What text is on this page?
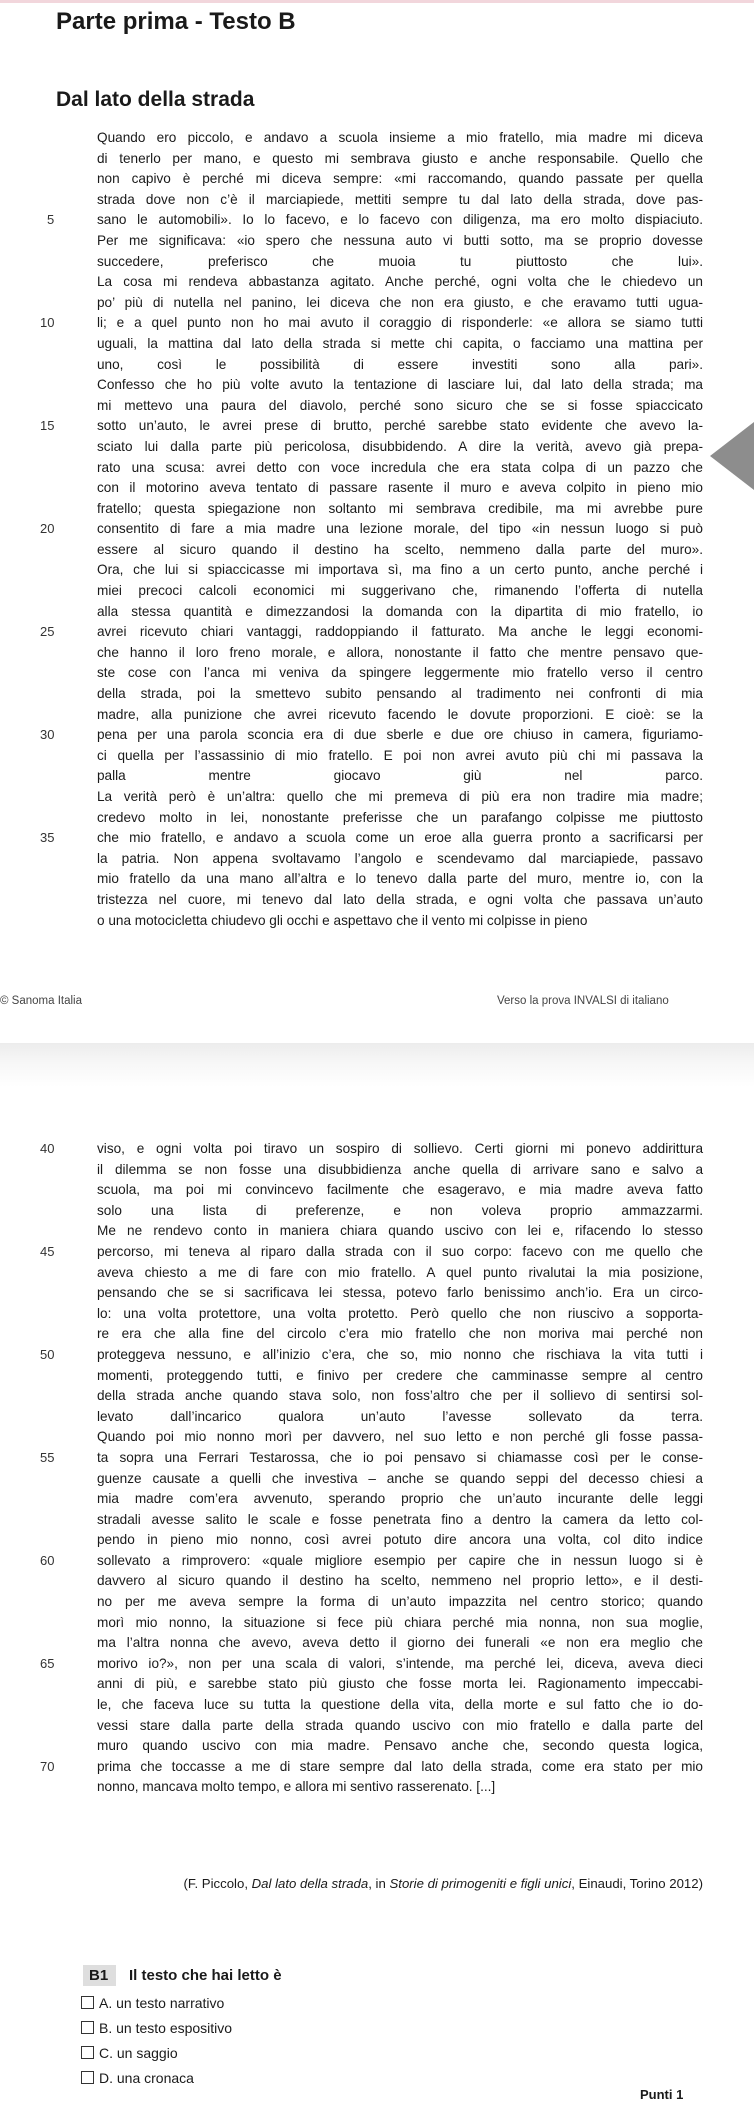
Parte prima - Testo B
Dal lato della strada
Quando ero piccolo, e andavo a scuola insieme a mio fratello, mia madre mi diceva
di tenerlo per mano, e questo mi sembrava giusto e anche responsabile. Quello che
non capivo è perché mi diceva sempre: «mi raccomando, quando passate per quella
strada dove non c’è il marciapiede, mettiti sempre tu dal lato della strada, dove pas-
5	sano le automobili». Io lo facevo, e lo facevo con diligenza, ma ero molto dispiaciuto.
Per me significava: «io spero che nessuna auto vi butti sotto, ma se proprio dovesse
succedere, preferisco che muoia tu piuttosto che lui».
La cosa mi rendeva abbastanza agitato. Anche perché, ogni volta che le chiedevo un
po’ più di nutella nel panino, lei diceva che non era giusto, e che eravamo tutti ugua-
10	li; e a quel punto non ho mai avuto il coraggio di risponderle: «e allora se siamo tutti
uguali, la mattina dal lato della strada si mette chi capita, o facciamo una mattina per
uno, così le possibilità di essere investiti sono alla pari».
Confesso che ho più volte avuto la tentazione di lasciare lui, dal lato della strada; ma
mi mettevo una paura del diavolo, perché sono sicuro che se si fosse spiaccicato
15	sotto un’auto, le avrei prese di brutto, perché sarebbe stato evidente che avevo la-
sciato lui dalla parte più pericolosa, disubbidendo. A dire la verità, avevo già prepa-
rato una scusa: avrei detto con voce incredula che era stata colpa di un pazzo che
con il motorino aveva tentato di passare rasente il muro e aveva colpito in pieno mio
fratello; questa spiegazione non soltanto mi sembrava credibile, ma mi avrebbe pure
20	consentito di fare a mia madre una lezione morale, del tipo «in nessun luogo si può
essere al sicuro quando il destino ha scelto, nemmeno dalla parte del muro».
Ora, che lui si spiaccicasse mi importava sì, ma fino a un certo punto, anche perché i
miei precoci calcoli economici mi suggerivano che, rimanendo l’offerta di nutella
alla stessa quantità e dimezzandosi la domanda con la dipartita di mio fratello, io
25	avrei ricevuto chiari vantaggi, raddoppiando il fatturato. Ma anche le leggi economi-
che hanno il loro freno morale, e allora, nonostante il fatto che mentre pensavo que-
ste cose con l’anca mi veniva da spingere leggermente mio fratello verso il centro
della strada, poi la smettevo subito pensando al tradimento nei confronti di mia
madre, alla punizione che avrei ricevuto facendo le dovute proporzioni. E cioè: se la
30	pena per una parola sconcia era di due sberle e due ore chiuso in camera, figuriamo-
ci quella per l’assassinio di mio fratello. E poi non avrei avuto più chi mi passava la
palla mentre giocavo giù nel parco.
La verità però è un’altra: quello che mi premeva di più era non tradire mia madre;
credevo molto in lei, nonostante preferisse che un parafango colpisse me piuttosto
35	che mio fratello, e andavo a scuola come un eroe alla guerra pronto a sacrificarsi per
la patria. Non appena svoltavamo l’angolo e scendevamo dal marciapiede, passavo
mio fratello da una mano all’altra e lo tenevo dalla parte del muro, mentre io, con la
tristezza nel cuore, mi tenevo dal lato della strada, e ogni volta che passava un’auto
o una motocicletta chiudevo gli occhi e aspettavo che il vento mi colpisse in pieno
© Sanoma Italia	Verso la prova INVALSI di italiano
40	viso, e ogni volta poi tiravo un sospiro di sollievo. Certi giorni mi ponevo addirittura
il dilemma se non fosse una disubbidienza anche quella di arrivare sano e salvo a
scuola, ma poi mi convincevo facilmente che esageravo, e mia madre aveva fatto
solo una lista di preferenze, e non voleva proprio ammazzarmi.
Me ne rendevo conto in maniera chiara quando uscivo con lei e, rifacendo lo stesso
45	percorso, mi teneva al riparo dalla strada con il suo corpo: facevo con me quello che
aveva chiesto a me di fare con mio fratello. A quel punto rivalutai la mia posizione,
pensando che se si sacrificava lei stessa, potevo farlo benissimo anch’io. Era un circo-
lo: una volta protettore, una volta protetto. Però quello che non riuscivo a sopporta-
re era che alla fine del circolo c’era mio fratello che non moriva mai perché non
50	proteggeva nessuno, e all’inizio c’era, che so, mio nonno che rischiava la vita tutti i
momenti, proteggendo tutti, e finivo per credere che camminasse sempre al centro
della strada anche quando stava solo, non foss’altro che per il sollievo di sentirsi sol-
levato dall’incarico qualora un’auto l’avesse sollevato da terra.
Quando poi mio nonno morì per davvero, nel suo letto e non perché gli fosse passa-
55	ta sopra una Ferrari Testarossa, che io poi pensavo si chiamasse così per le conse-
guenze causate a quelli che investiva – anche se quando seppi del decesso chiesi a
mia madre com’era avvenuto, sperando proprio che un’auto incurante delle leggi
stradali avesse salito le scale e fosse penetrata fino a dentro la camera da letto col-
pendo in pieno mio nonno, così avrei potuto dire ancora una volta, col dito indice
60	sollevato a rimprovero: «quale migliore esempio per capire che in nessun luogo si è
davvero al sicuro quando il destino ha scelto, nemmeno nel proprio letto», e il desti-
no per me aveva sempre la forma di un’auto impazzita nel centro storico; quando
morì mio nonno, la situazione si fece più chiara perché mia nonna, non sua moglie,
ma l’altra nonna che avevo, aveva detto il giorno dei funerali «e non era meglio che
65	morivo io?», non per una scala di valori, s’intende, ma perché lei, diceva, aveva dieci
anni di più, e sarebbe stato più giusto che fosse morta lei. Ragionamento impeccabi-
le, che faceva luce su tutta la questione della vita, della morte e sul fatto che io do-
vessi stare dalla parte della strada quando uscivo con mio fratello e dalla parte del
muro quando uscivo con mia madre. Pensavo anche che, secondo questa logica,
70	prima che toccasse a me di stare sempre dal lato della strada, come era stato per mio
nonno, mancava molto tempo, e allora mi sentivo rasserenato. [...]
(F. Piccolo, Dal lato della strada, in Storie di primogeniti e figli unici, Einaudi, Torino 2012)
B1	Il testo che hai letto è
A. un testo narrativo
B. un testo espositivo
C. un saggio
D. una cronaca
Punti 1
